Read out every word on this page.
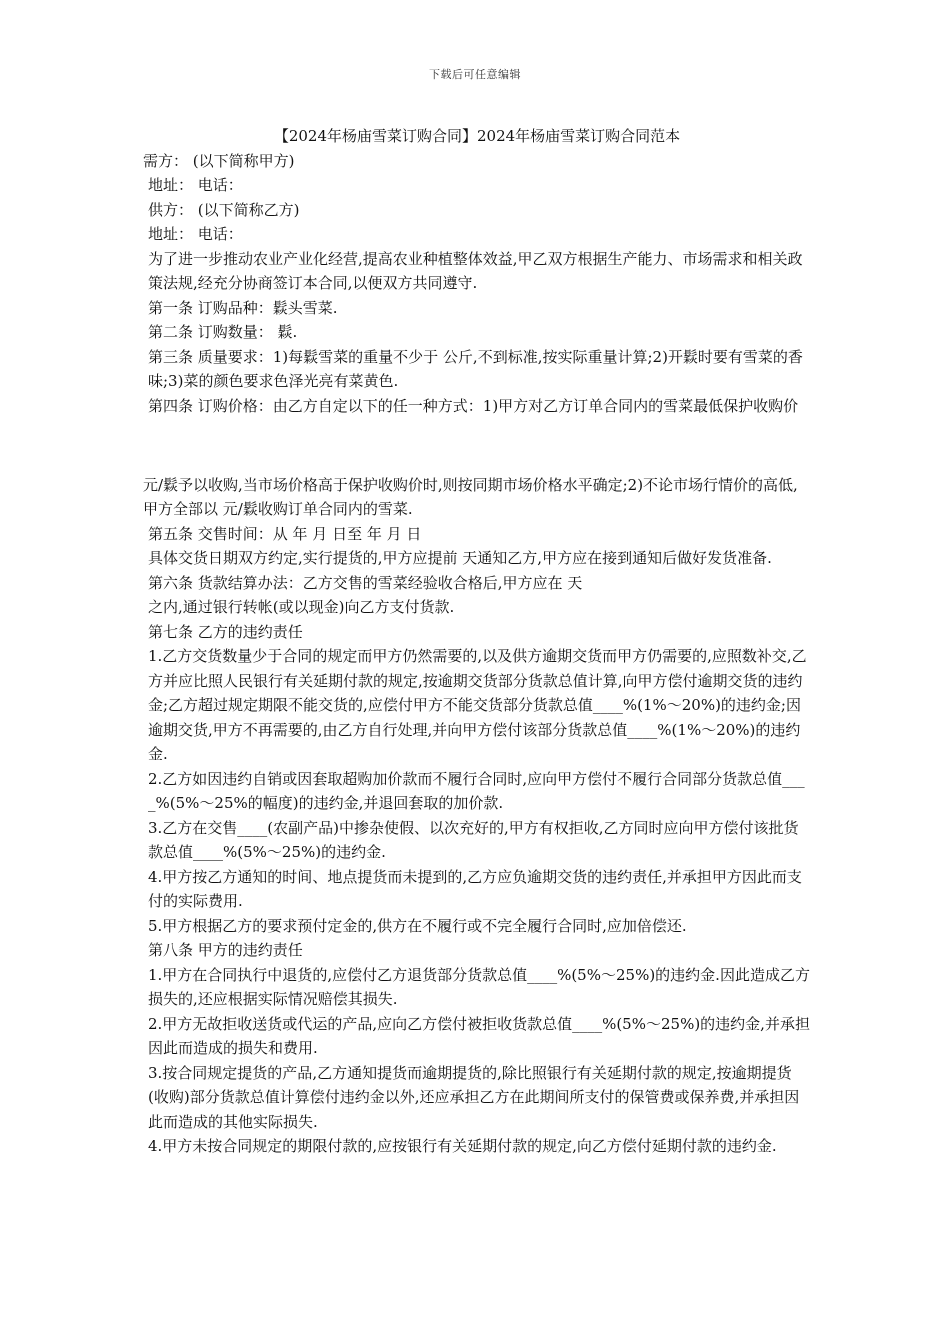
下载后可任意编辑
【2024年杨庙雪菜订购合同】2024年杨庙雪菜订购合同范本

需方： (以下简称甲方)

地址： 电话：

供方： (以下简称乙方)

地址： 电话：

为了进一步推动农业产业化经营,提高农业种植整体效益,甲乙双方根据生产能力、市场需求和相关政策法规,经充分协商签订本合同,以便双方共同遵守.

第一条 订购品种：鬏头雪菜.

第二条 订购数量： 鬏.

第三条 质量要求：1)每鬏雪菜的重量不少于 公斤,不到标准,按实际重量计算;2)开鬏时要有雪菜的香味;3)菜的颜色要求色泽光亮有菜黄色.

第四条 订购价格：由乙方自定以下的任一种方式：1)甲方对乙方订单合同内的雪菜最低保护收购价

元/鬏予以收购,当市场价格高于保护收购价时,则按同期市场价格水平确定;2)不论市场行情价的高低,甲方全部以 元/鬏收购订单合同内的雪菜.

第五条 交售时间：从 年 月 日至 年 月 日

具体交货日期双方约定,实行提货的,甲方应提前 天通知乙方,甲方应在接到通知后做好发货准备.

第六条 货款结算办法：乙方交售的雪菜经验收合格后,甲方应在 天

之内,通过银行转帐(或以现金)向乙方支付货款.

第七条 乙方的违约责任

1.乙方交货数量少于合同的规定而甲方仍然需要的,以及供方逾期交货而甲方仍需要的,应照数补交,乙方并应比照人民银行有关延期付款的规定,按逾期交货部分货款总值计算,向甲方偿付逾期交货的违约金;乙方超过规定期限不能交货的,应偿付甲方不能交货部分货款总值____%(1%～20%)的违约金;因逾期交货,甲方不再需要的,由乙方自行处理,并向甲方偿付该部分货款总值____%(1%～20%)的违约金.

2.乙方如因违约自销或因套取超购加价款而不履行合同时,应向甲方偿付不履行合同部分货款总值____%(5%～25%的幅度)的违约金,并退回套取的加价款.

3.乙方在交售____(农副产品)中掺杂使假、以次充好的,甲方有权拒收,乙方同时应向甲方偿付该批货款总值____%(5%～25%)的违约金.

4.甲方按乙方通知的时间、地点提货而未提到的,乙方应负逾期交货的违约责任,并承担甲方因此而支付的实际费用.

5.甲方根据乙方的要求预付定金的,供方在不履行或不完全履行合同时,应加倍偿还.

第八条 甲方的违约责任

1.甲方在合同执行中退货的,应偿付乙方退货部分货款总值____%(5%～25%)的违约金.因此造成乙方损失的,还应根据实际情况赔偿其损失.

2.甲方无故拒收送货或代运的产品,应向乙方偿付被拒收货款总值____%(5%～25%)的违约金,并承担因此而造成的损失和费用.

3.按合同规定提货的产品,乙方通知提货而逾期提货的,除比照银行有关延期付款的规定,按逾期提货(收购)部分货款总值计算偿付违约金以外,还应承担乙方在此期间所支付的保管费或保养费,并承担因此而造成的其他实际损失.

4.甲方未按合同规定的期限付款的,应按银行有关延期付款的规定,向乙方偿付延期付款的违约金.
